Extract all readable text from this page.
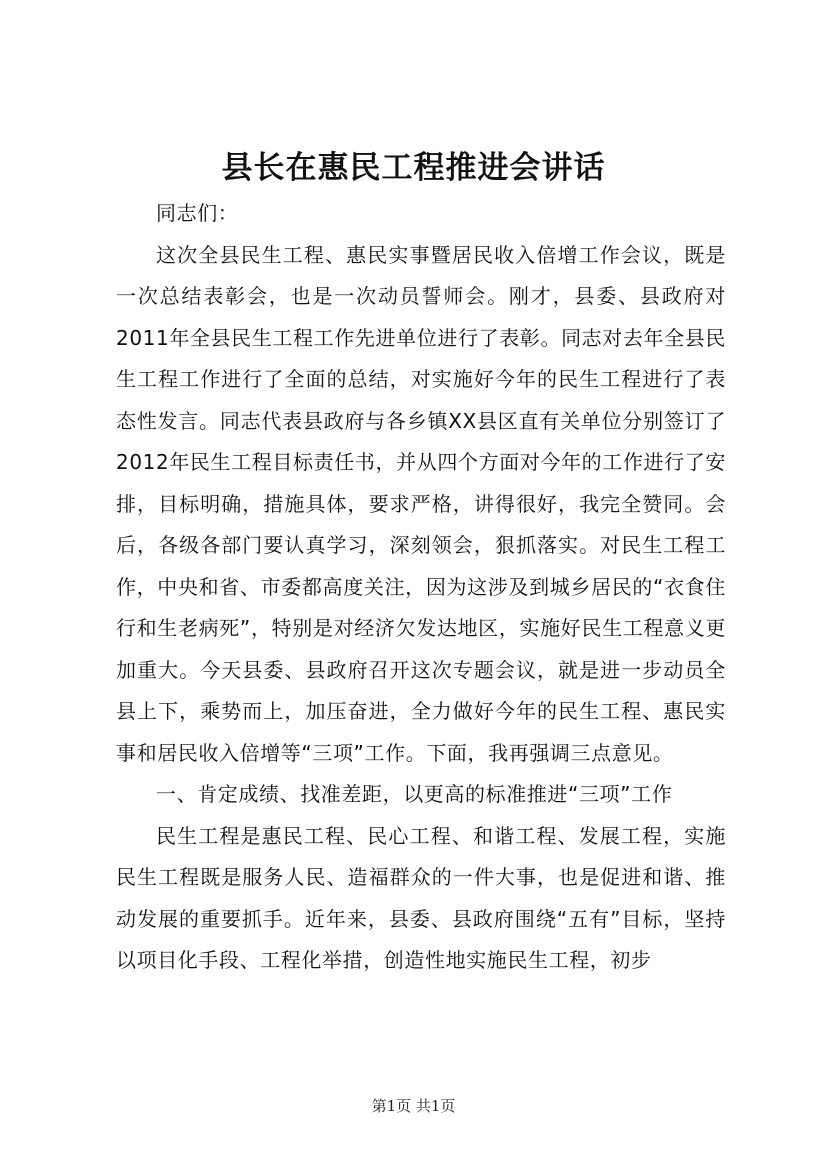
县长在惠民工程推进会讲话

同志们：

这次全县民生工程、惠民实事暨居民收入倍增工作会议，既是一次总结表彰会，也是一次动员誓师会。刚才，县委、县政府对2011年全县民生工程工作先进单位进行了表彰。同志对去年全县民生工程工作进行了全面的总结，对实施好今年的民生工程进行了表态性发言。同志代表县政府与各乡镇XX县区直有关单位分别签订了2012年民生工程目标责任书，并从四个方面对今年的工作进行了安排，目标明确，措施具体，要求严格，讲得很好，我完全赞同。会后，各级各部门要认真学习，深刻领会，狠抓落实。对民生工程工作，中央和省、市委都高度关注，因为这涉及到城乡居民的“衣食住行和生老病死”，特别是对经济欠发达地区，实施好民生工程意义更加重大。今天县委、县政府召开这次专题会议，就是进一步动员全县上下，乘势而上，加压奋进，全力做好今年的民生工程、惠民实事和居民收入倍增等“三项”工作。下面，我再强调三点意见。

一、肯定成绩、找准差距，以更高的标准推进“三项”工作

民生工程是惠民工程、民心工程、和谐工程、发展工程，实施民生工程既是服务人民、造福群众的一件大事，也是促进和谐、推动发展的重要抓手。近年来，县委、县政府围绕“五有”目标，坚持以项目化手段、工程化举措，创造性地实施民生工程，初步

第1页 共1页
